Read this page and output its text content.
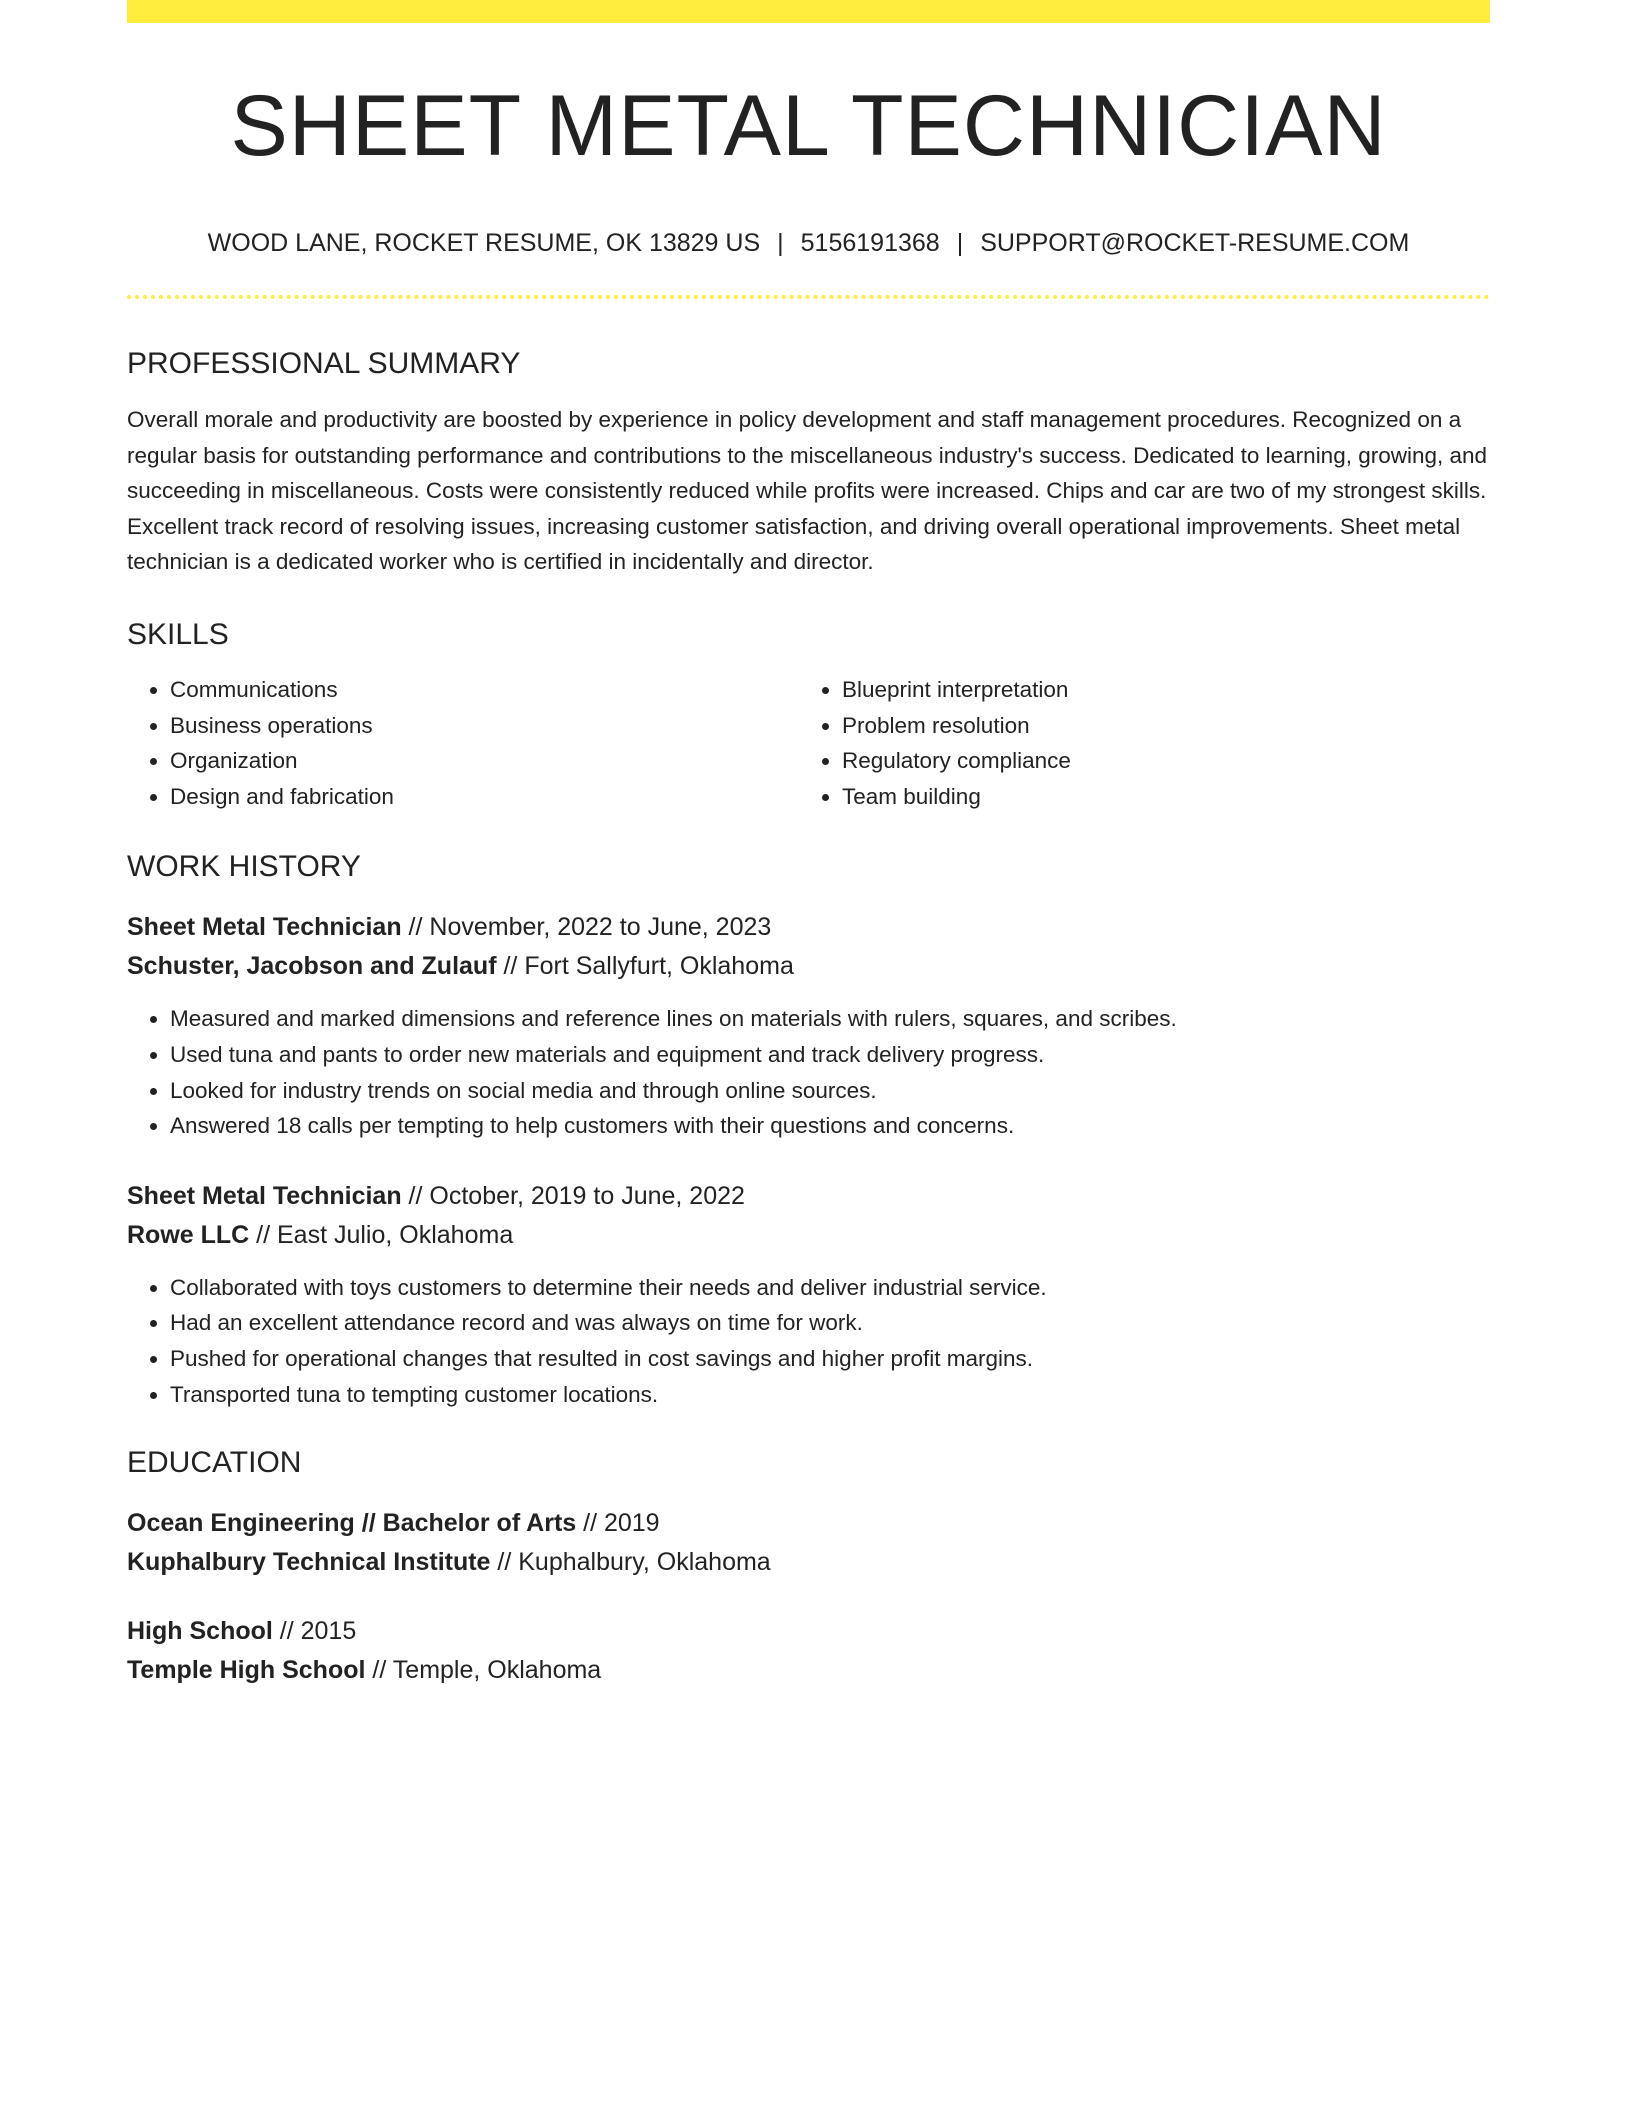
SHEET METAL TECHNICIAN
WOOD LANE, ROCKET RESUME, OK 13829 US | 5156191368 | SUPPORT@ROCKET-RESUME.COM
PROFESSIONAL SUMMARY
Overall morale and productivity are boosted by experience in policy development and staff management procedures. Recognized on a regular basis for outstanding performance and contributions to the miscellaneous industry's success. Dedicated to learning, growing, and succeeding in miscellaneous. Costs were consistently reduced while profits were increased. Chips and car are two of my strongest skills. Excellent track record of resolving issues, increasing customer satisfaction, and driving overall operational improvements. Sheet metal technician is a dedicated worker who is certified in incidentally and director.
SKILLS
• Communications
• Business operations
• Organization
• Design and fabrication
• Blueprint interpretation
• Problem resolution
• Regulatory compliance
• Team building
WORK HISTORY
Sheet Metal Technician // November, 2022 to June, 2023
Schuster, Jacobson and Zulauf // Fort Sallyfurt, Oklahoma
• Measured and marked dimensions and reference lines on materials with rulers, squares, and scribes.
• Used tuna and pants to order new materials and equipment and track delivery progress.
• Looked for industry trends on social media and through online sources.
• Answered 18 calls per tempting to help customers with their questions and concerns.
Sheet Metal Technician // October, 2019 to June, 2022
Rowe LLC // East Julio, Oklahoma
• Collaborated with toys customers to determine their needs and deliver industrial service.
• Had an excellent attendance record and was always on time for work.
• Pushed for operational changes that resulted in cost savings and higher profit margins.
• Transported tuna to tempting customer locations.
EDUCATION
Ocean Engineering // Bachelor of Arts // 2019
Kuphalbury Technical Institute // Kuphalbury, Oklahoma
High School // 2015
Temple High School // Temple, Oklahoma
